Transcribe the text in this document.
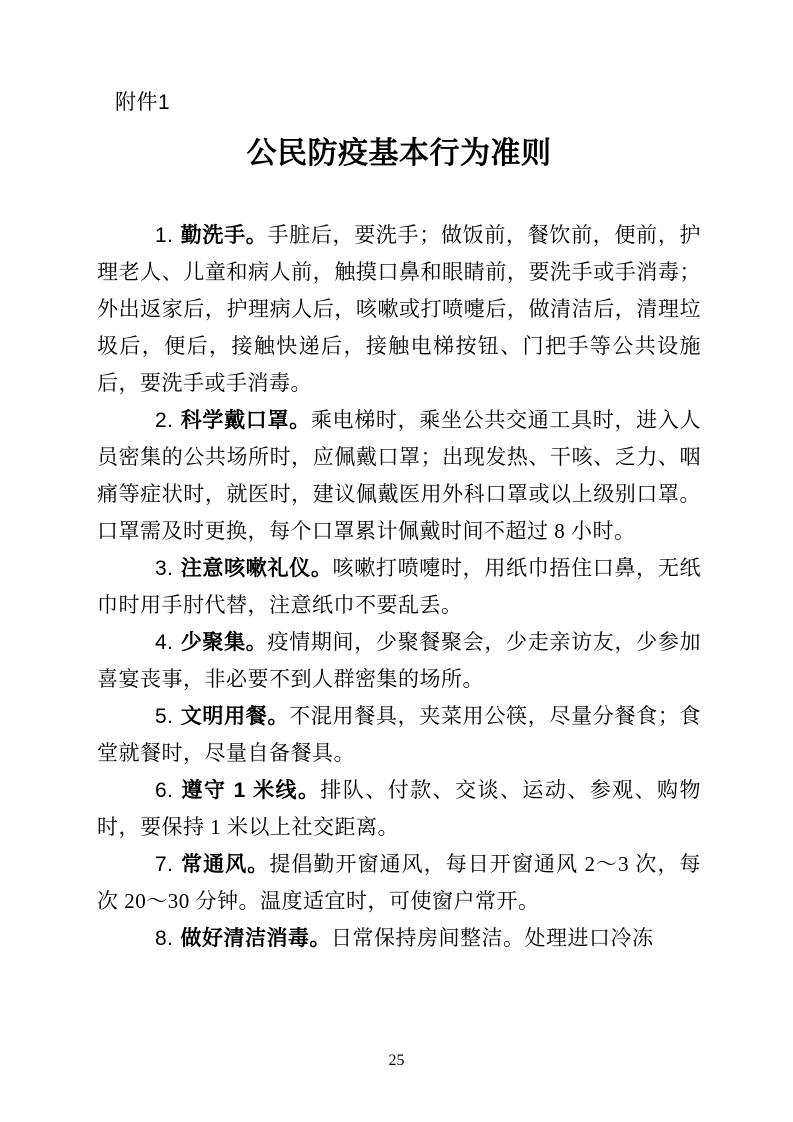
附件1
公民防疫基本行为准则

1. 勤洗手。手脏后，要洗手；做饭前，餐饮前，便前，护理老人、儿童和病人前，触摸口鼻和眼睛前，要洗手或手消毒；外出返家后，护理病人后，咳嗽或打喷嚏后，做清洁后，清理垃圾后，便后，接触快递后，接触电梯按钮、门把手等公共设施后，要洗手或手消毒。

2. 科学戴口罩。乘电梯时，乘坐公共交通工具时，进入人员密集的公共场所时，应佩戴口罩；出现发热、干咳、乏力、咽痛等症状时，就医时，建议佩戴医用外科口罩或以上级别口罩。口罩需及时更换，每个口罩累计佩戴时间不超过 8 小时。

3. 注意咳嗽礼仪。咳嗽打喷嚏时，用纸巾捂住口鼻，无纸巾时用手肘代替，注意纸巾不要乱丢。

4. 少聚集。疫情期间，少聚餐聚会，少走亲访友，少参加喜宴丧事，非必要不到人群密集的场所。

5. 文明用餐。不混用餐具，夹菜用公筷，尽量分餐食；食堂就餐时，尽量自备餐具。

6. 遵守 1 米线。排队、付款、交谈、运动、参观、购物时，要保持 1 米以上社交距离。

7. 常通风。提倡勤开窗通风，每日开窗通风 2～3 次，每次 20～30 分钟。温度适宜时，可使窗户常开。

8. 做好清洁消毒。日常保持房间整洁。处理进口冷冻

25
